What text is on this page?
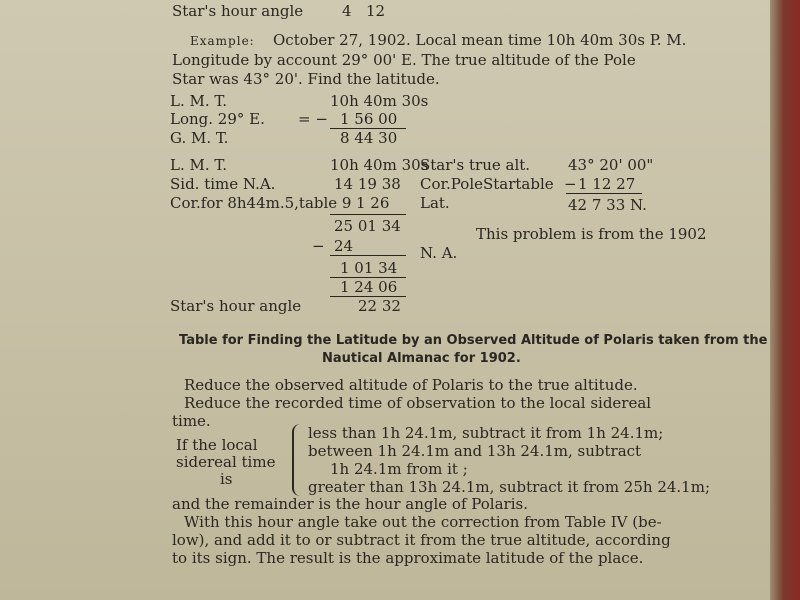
Star's hour angle	4 12
Example: October 27, 1902. Local mean time 10h 40m 30s P. M.
Longitude by account 29° 00' E. The true altitude of the Pole
Star was 43° 20'. Find the latitude.
L. M. T.
Long. 29° E.
G. M. T.
= −
10h 40m 30s
1 56 00
8 44 30
L. M. T.
Sid. time N.A.
Cor.for 8h44m.5,table 9
10h 40m 30s
14 19 38
1 26
25 01 34
− 24
1 01 34
1 24 06
Star's hour angle	22 32
Star's true alt.
Cor.PoleStartable
Lat.
43° 20' 00"
− 1 12 27
42 7 33 N.
This problem is from the 1902
N. A.
Table for Finding the Latitude by an Observed Altitude of Polaris taken from the
Nautical Almanac for 1902.
Reduce the observed altitude of Polaris to the true altitude.
Reduce the recorded time of observation to the local sidereal
time.
If the local
sidereal time
is
less than 1h 24.1m, subtract it from 1h 24.1m;
between 1h 24.1m and 13h 24.1m, subtract
1h 24.1m from it ;
greater than 13h 24.1m, subtract it from 25h 24.1m;
and the remainder is the hour angle of Polaris.
With this hour angle take out the correction from Table IV (be-
low), and add it to or subtract it from the true altitude, according
to its sign. The result is the approximate latitude of the place.
